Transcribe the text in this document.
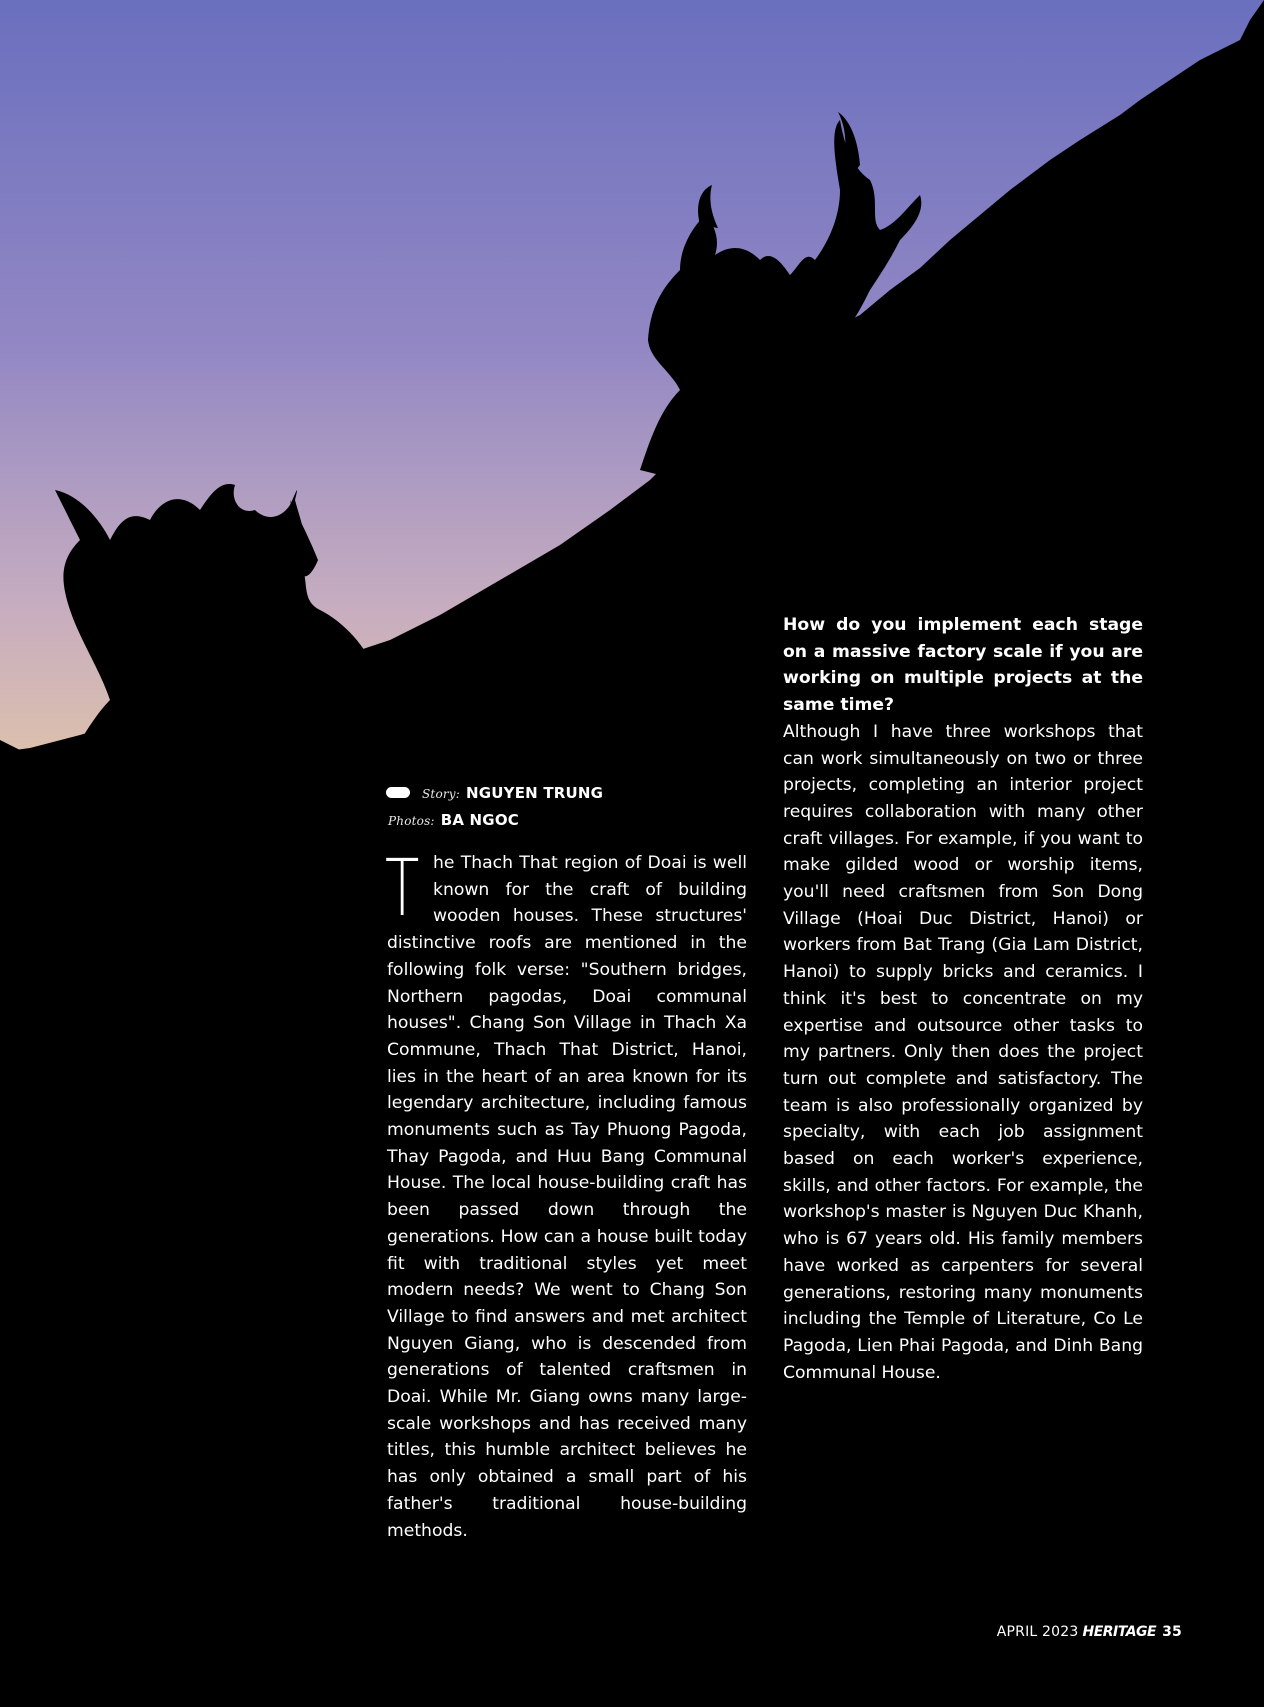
Story: NGUYEN TRUNG
Photos: BA NGOC
The Thach That region of Doai is well known for the craft of building wooden houses. These structures' distinctive roofs are mentioned in the following folk verse: "Southern bridges, Northern pagodas, Doai communal houses". Chang Son Village in Thach Xa Commune, Thach That District, Hanoi, lies in the heart of an area known for its legendary architecture, including famous monuments such as Tay Phuong Pagoda, Thay Pagoda, and Huu Bang Communal House. The local house-building craft has been passed down through the generations. How can a house built today fit with traditional styles yet meet modern needs? We went to Chang Son Village to find answers and met architect Nguyen Giang, who is descended from generations of talented craftsmen in Doai. While Mr. Giang owns many large-scale workshops and has received many titles, this humble architect believes he has only obtained a small part of his father's traditional house-building methods.
How do you implement each stage on a massive factory scale if you are working on multiple projects at the same time?
Although I have three workshops that can work simultaneously on two or three projects, completing an interior project requires collaboration with many other craft villages. For example, if you want to make gilded wood or worship items, you'll need craftsmen from Son Dong Village (Hoai Duc District, Hanoi) or workers from Bat Trang (Gia Lam District, Hanoi) to supply bricks and ceramics. I think it's best to concentrate on my expertise and outsource other tasks to my partners. Only then does the project turn out complete and satisfactory. The team is also professionally organized by specialty, with each job assignment based on each worker's experience, skills, and other factors. For example, the workshop's master is Nguyen Duc Khanh, who is 67 years old. His family members have worked as carpenters for several generations, restoring many monuments including the Temple of Literature, Co Le Pagoda, Lien Phai Pagoda, and Dinh Bang Communal House.
APRIL 2023 HERITAGE 35
